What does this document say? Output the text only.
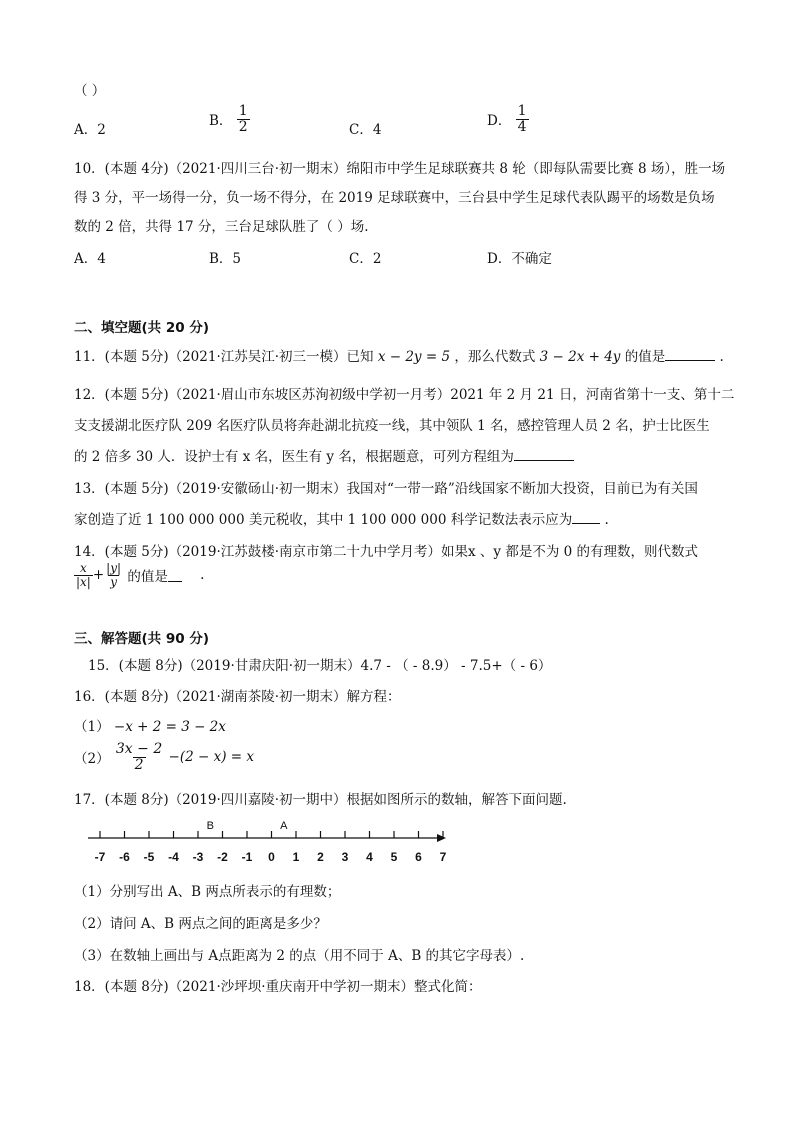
（ ）
A．2
B． $\frac{1}{2}$	C．4
D． $\frac{1}{4}$
10．(本题 4分)（2021·四川三台·初一期末）绵阳市中学生足球联赛共 8 轮（即每队需要比赛 8 场），胜一场
得 3 分，平一场得一分，负一场不得分，在 2019 足球联赛中，三台县中学生足球代表队踢平的场数是负场
数的 2 倍，共得 17 分，三台足球队胜了（ ）场.
A．4	B．5	C．2	D．不确定
二、填空题(共 20 分)
11．(本题 5分)（2021·江苏吴江·初三一模）已知 x − 2y = 5 ，那么代数式 3 − 2x + 4y 的值是	.
12．(本题 5分)（2021·眉山市东坡区苏洵初级中学初一月考）2021 年 2 月 21 日，河南省第十一支、第十二
支支援湖北医疗队 209 名医疗队员将奔赴湖北抗疫一线，其中领队 1 名，感控管理人员 2 名，护士比医生
的 2 倍多 30 人．设护士有 x 名，医生有 y 名，根据题意，可列方程组为
13．(本题 5分)（2019·安徽砀山·初一期末）我国对“一带一路”沿线国家不断加大投资，目前已为有关国
家创造了近 1 100 000 000 美元税收，其中 1 100 000 000 科学记数法表示应为 .
14．(本题 5分)（2019·江苏鼓楼·南京市第二十九中学月考）如果x 、y 都是不为 0 的有理数，则代数式
$\frac{x}{|x|} + \frac{|y|}{y}$ 的值是 .
三、解答题(共 90 分)
15．(本题 8分)（2019·甘肃庆阳·初一期末）4.7 - （ - 8.9） - 7.5+（ - 6）
16．(本题 8分)（2021·湖南茶陵·初一期末）解方程：
（1） −x + 2 = 3 − 2x
$(2) \frac{3x - 2}{2} -(2 - x) = x$
17．(本题 8分)（2019·四川嘉陵·初一期中）根据如图所示的数轴，解答下面问题.
-7 -6 -5 -4 -3 -2 -1 0 1 2 3 4 5 6 7
B	A
（1）分别写出 A、B 两点所表示的有理数；
（2）请问 A、B 两点之间的距离是多少？
（3）在数轴上画出与 A点距离为 2 的点（用不同于 A、B 的其它字母表）.
18．(本题 8分)（2021·沙坪坝·重庆南开中学初一期末）整式化简：
